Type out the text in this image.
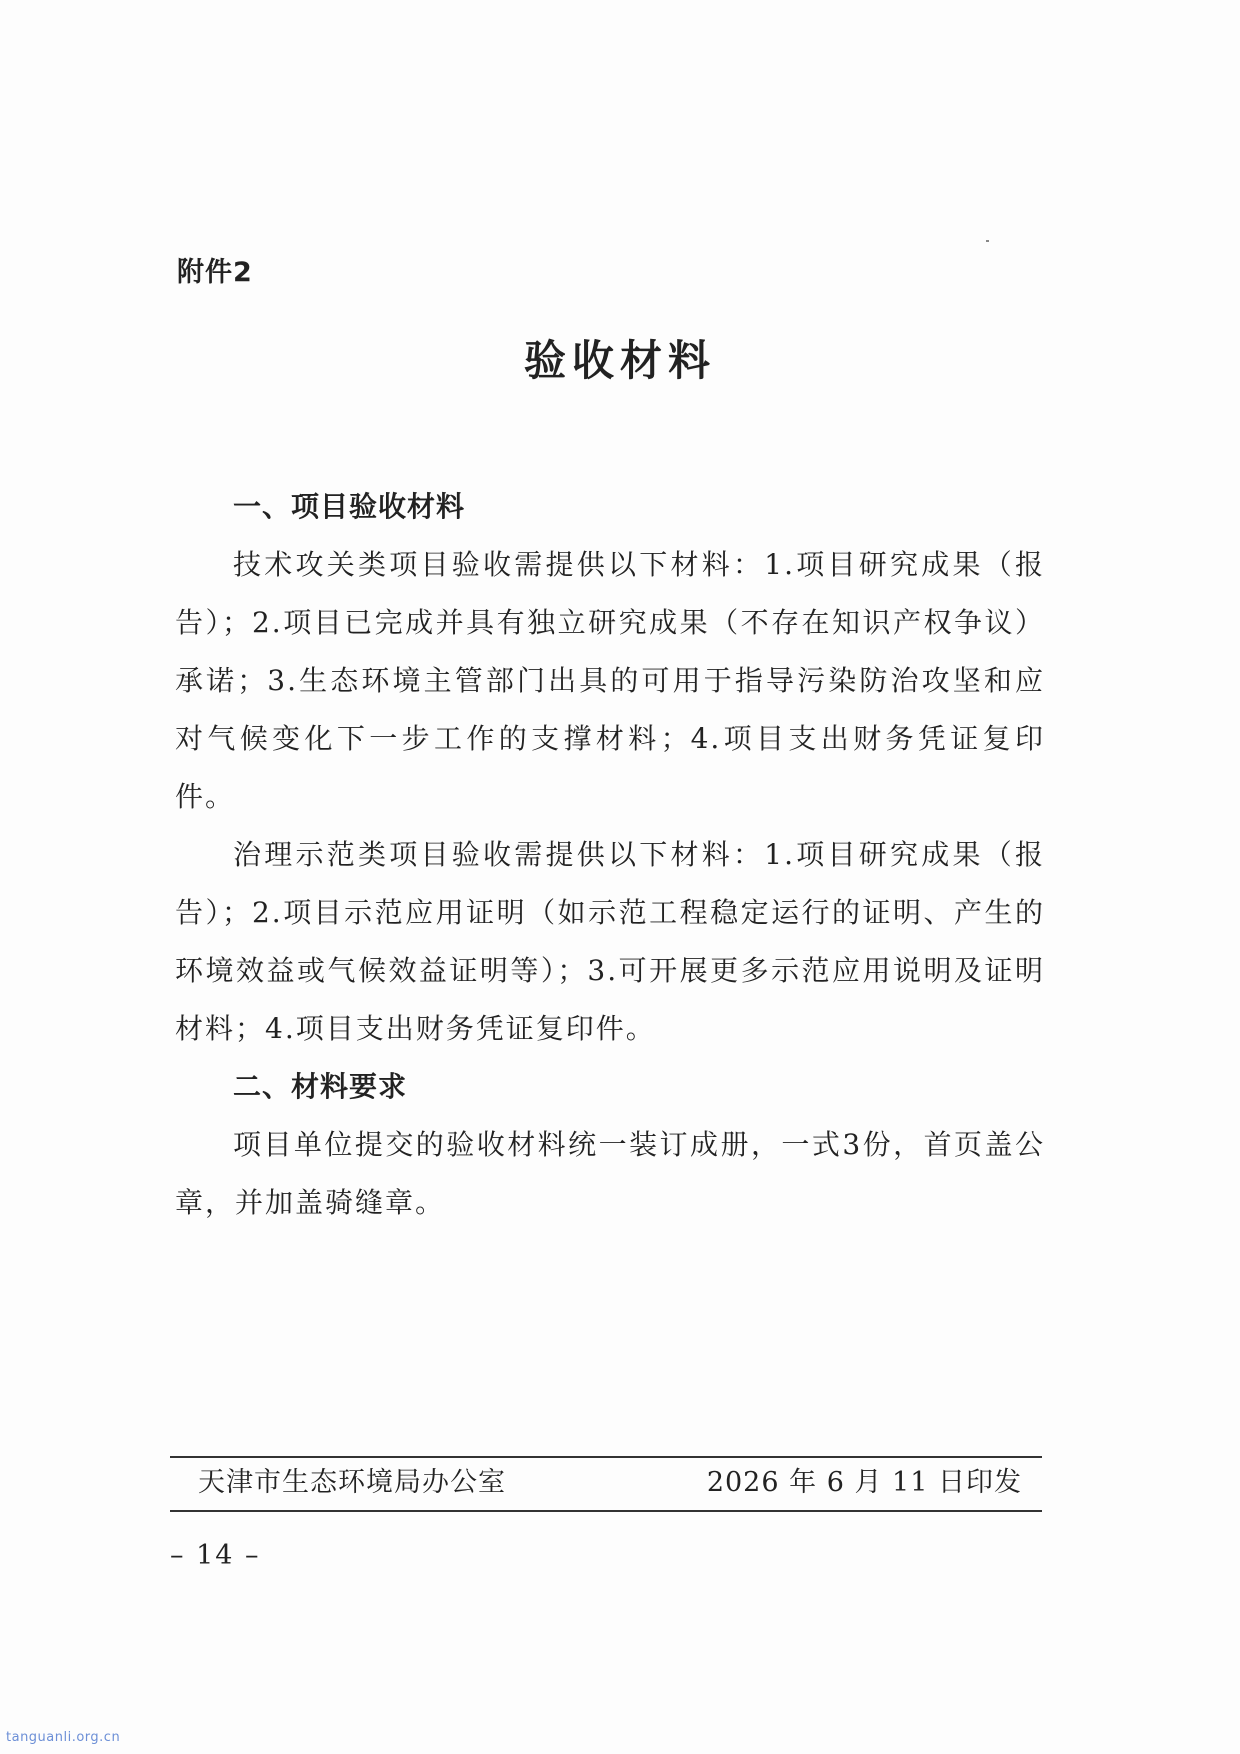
附件2
验收材料
一、项目验收材料

技术攻关类项目验收需提供以下材料：1.项目研究成果（报告）；2.项目已完成并具有独立研究成果（不存在知识产权争议）承诺；3.生态环境主管部门出具的可用于指导污染防治攻坚和应对气候变化下一步工作的支撑材料；4.项目支出财务凭证复印件。

治理示范类项目验收需提供以下材料：1.项目研究成果（报告）；2.项目示范应用证明（如示范工程稳定运行的证明、产生的环境效益或气候效益证明等）；3.可开展更多示范应用说明及证明材料；4.项目支出财务凭证复印件。

二、材料要求

项目单位提交的验收材料统一装订成册，一式3份，首页盖公章，并加盖骑缝章。

天津市生态环境局办公室	2026 年 6 月 11 日印发
– 14 –
tanguanli.org.cn
